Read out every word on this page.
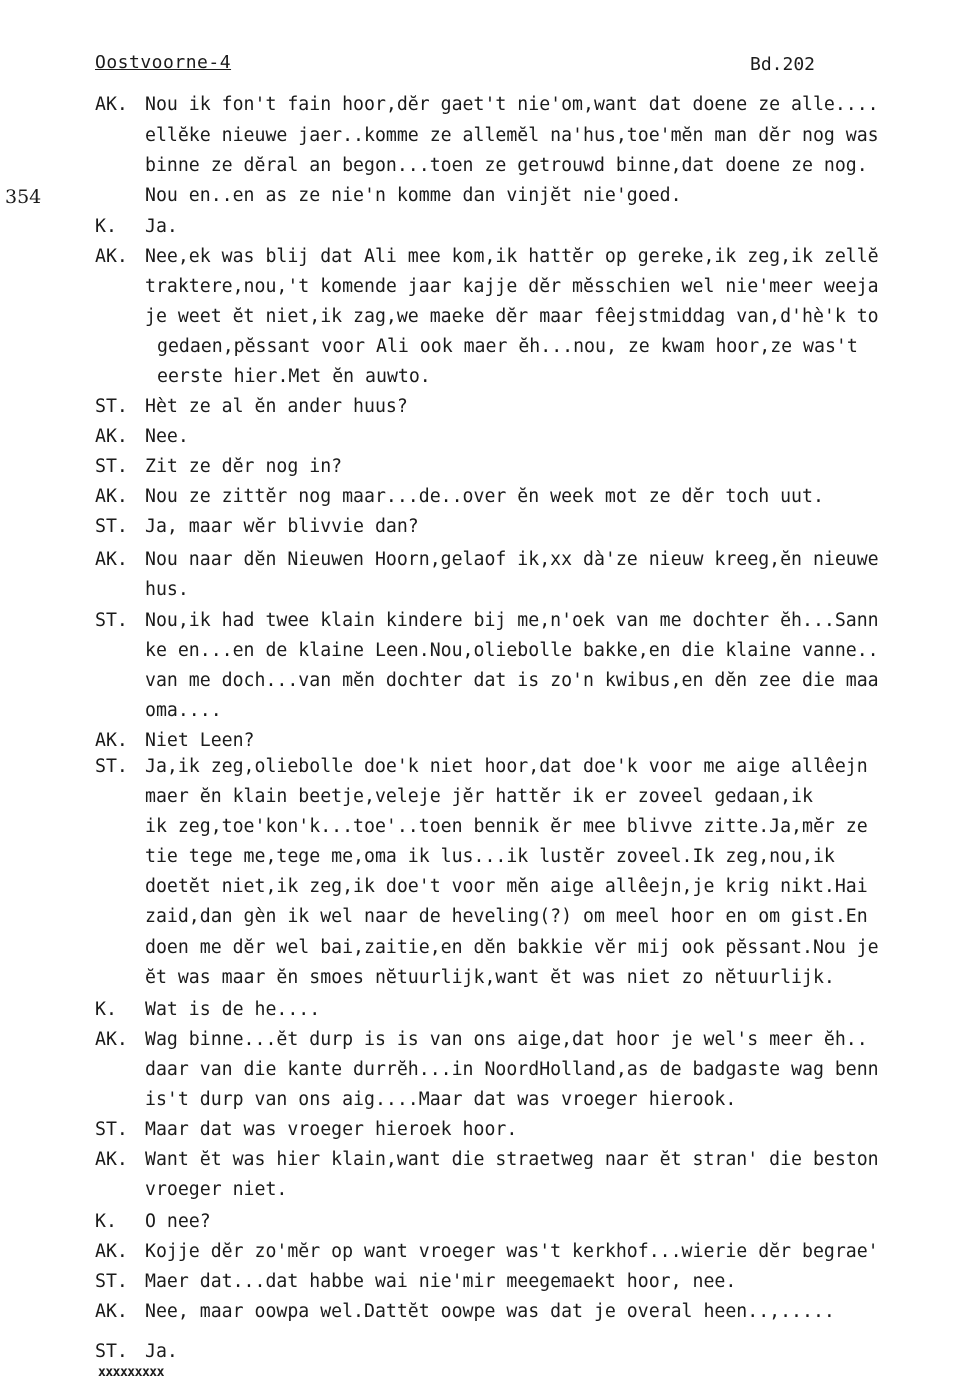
Oostvoorne-4	Bd.202
354
AK. Nou ik fon't fain hoor,dĕr gaet't nie'om,want dat doene ze alle....
ellĕke nieuwe jaer..komme ze allemĕl na'hus,toe'mĕn man dĕr nog was
binne ze dĕral an begon...toen ze getrouwd binne,dat doene ze nog.
Nou en..en as ze nie'n komme dan vinjĕt nie'goed.
K. Ja.
AK. Nee,ek was blij dat Ali mee kom,ik hattĕr op gereke,ik zeg,ik zellĕ
traktere,nou,'t komende jaar kajje dĕr mĕsschien wel nie'meer weeja
je weet ĕt niet,ik zag,we maeke dĕr maar fêejstmiddag van,d'hè'k to
gedaen,pĕssant voor Ali ook maer ĕh...nou, ze kwam hoor,ze was't
eerste hier.Met ĕn auwto.
ST. Hèt ze al ĕn ander huus?
AK. Nee.
ST. Zit ze dĕr nog in?
AK. Nou ze zittĕr nog maar...de..over ĕn week mot ze dĕr toch uut.
ST. Ja, maar wĕr blivvie dan?
AK. Nou naar dĕn Nieuwen Hoorn,gelaof ik,xx dà'ze nieuw kreeg,ĕn nieuwe
hus.
ST. Nou,ik had twee klain kindere bij me,n'oek van me dochter ĕh...Sann
ke en...en de klaine Leen.Nou,oliebolle bakke,en die klaine vanne..
van me doch...van mĕn dochter dat is zo'n kwibus,en dĕn zee die maa
oma....
AK. Niet Leen?
ST. Ja,ik zeg,oliebolle doe'k niet hoor,dat doe'k voor me aige allêejn
maer ĕn klain beetje,veleje jĕr hattĕr ik er zoveel gedaan,ik
ik zeg,toe'kon'k...toe'..toen bennik ĕr mee blivve zitte.Ja,mĕr ze
tie tege me,tege me,oma ik lus...ik lustĕr zoveel.Ik zeg,nou,ik
doetĕt niet,ik zeg,ik doe't voor mĕn aige allêejn,je krig nikt.Hai
zaid,dan gèn ik wel naar de heveling(?) om meel hoor en om gist.En
doen me dĕr wel bai,zaitie,en dĕn bakkie vĕr mij ook pĕssant.Nou je
ĕt was maar ĕn smoes nĕtuurlijk,want ĕt was niet zo nĕtuurlijk.
K. Wat is de he....
AK. Wag binne...ĕt durp is is van ons aige,dat hoor je wel's meer ĕh..
daar van die kante durrĕh...in NoordHolland,as de badgaste wag benn
is't durp van ons aig....Maar dat was vroeger hierook.
ST. Maar dat was vroeger hieroek hoor.
AK. Want ĕt was hier klain,want die straetweg naar ĕt stran' die beston
vroeger niet.
K. O nee?
AK. Kojje dĕr zo'mĕr op want vroeger was't kerkhof...wierie dĕr begrae'
ST. Maer dat...dat habbe wai nie'mir meegemaekt hoor, nee.
AK. Nee, maar oowpa wel.Dattĕt oowpe was dat je overal heen..,.....
ST. Ja.
xxxxxxxxx
